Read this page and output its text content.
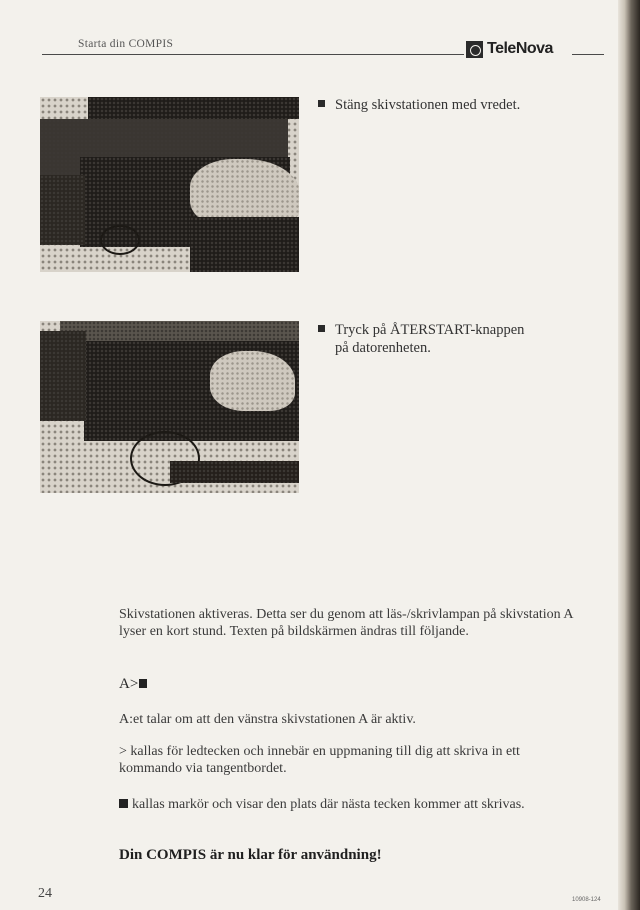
Starta din COMPIS	TeleNova
Stäng skivstationen med vredet.
Tryck på ÅTERSTART-knappen
på datorenheten.

Skivstationen aktiveras. Detta ser du genom att läs-/skrivlampan på skivstation A lyser en kort stund. Texten på bildskärmen ändras till följande.

A>

A:et talar om att den vänstra skivstationen A är aktiv.

> kallas för ledtecken och innebär en uppmaning till dig att skriva in ett kommando via tangentbordet.

kallas markör och visar den plats där nästa tecken kommer att skrivas.

Din COMPIS är nu klar för användning!

24	10908-124
